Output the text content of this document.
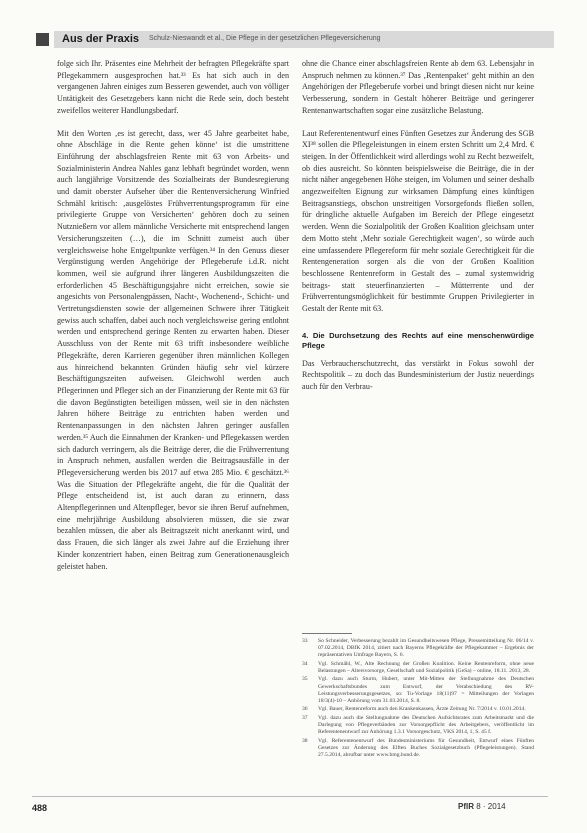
Aus der Praxis Schulz-Nieswandt et al., Die Pflege in der gesetzlichen Pflegeversicherung

folge sich Ihr. Präsentes eine Mehrheit der befragten Pflegekräfte spart Pflegekammern ausgesprochen hat.³³ Es hat sich auch in den vergangenen Jahren einiges zum Besseren gewendet, auch von völliger Untätigkeit des Gesetzgebers kann nicht die Rede sein, doch besteht zweifellos weiterer Handlungsbedarf.

Mit den Worten ‚es ist gerecht, dass, wer 45 Jahre gearbeitet habe, ohne Abschläge in die Rente gehen könne‘ ist die umstrittene Einführung der abschlagsfreien Rente mit 63 von Arbeits- und Sozialministerin Andrea Nahles ganz lebhaft begründet worden, wenn auch langjährige Vorsitzende des Sozialbeirats der Bundesregierung und damit oberster Aufseher über die Rentenversicherung Winfried Schmähl kritisch: ‚ausgelöstes Frühverrentungsprogramm für eine privilegierte Gruppe von Versicherten‘ gehören doch zu seinen Nutznießern vor allem männliche Versicherte mit entsprechend langen Versicherungszeiten (…), die im Schnitt zumeist auch über vergleichsweise hohe Entgeltpunkte verfügen.³⁴ In den Genuss dieser Vergünstigung werden Angehörige der Pflegeberufe i.d.R. nicht kommen, weil sie aufgrund ihrer längeren Ausbildungszeiten die erforderlichen 45 Beschäftigungsjahre nicht erreichen, sowie sie angesichts von Personalengpässen, Nacht-, Wochenend-, Schicht- und Vertretungsdiensten sowie der allgemeinen Schwere ihrer Tätigkeit gewiss auch schaffen, dabei auch noch vergleichsweise gering entlohnt werden und entsprechend geringe Renten zu erwarten haben. Dieser Ausschluss von der Rente mit 63 trifft insbesondere weibliche Pflegekräfte, deren Karrieren gegenüber ihren männlichen Kollegen aus hinreichend bekannten Gründen häufig sehr viel kürzere Beschäftigungszeiten aufweisen. Gleichwohl werden auch Pflegerinnen und Pfleger sich an der Finanzierung der Rente mit 63 für die davon Begünstigten beteiligen müssen, weil sie in den nächsten Jahren höhere Beiträge zu entrichten haben werden und Rentenanpassungen in den nächsten Jahren geringer ausfallen werden.³⁵ Auch die Einnahmen der Kranken- und Pflegekassen werden sich dadurch verringern, als die Beiträge derer, die die Frühverrentung in Anspruch nehmen, ausfallen werden die Beitragsausfälle in der Pflegeversicherung werden bis 2017 auf etwa 285 Mio. € geschätzt.³⁶ Was die Situation der Pflegekräfte angeht, die für die Qualität der Pflege entscheidend ist, ist auch daran zu erinnern, dass Altenpflegerinnen und Altenpfleger, bevor sie ihren Beruf aufnehmen, eine mehrjährige Ausbildung absolvieren müssen, die sie zwar bezahlen müssen, die aber als Beitragszeit nicht anerkannt wird, und dass Frauen, die sich länger als zwei Jahre auf die Erziehung ihrer Kinder konzentriert haben, einen Beitrag zum Generationenausgleich geleistet haben.

ohne die Chance einer abschlagsfreien Rente ab dem 63. Lebensjahr in Anspruch nehmen zu können.³⁷ Das ‚Rentenpaket‘ geht mithin an den Angehörigen der Pflegeberufe vorbei und bringt diesen nicht nur keine Verbesserung, sondern in Gestalt höherer Beiträge und geringerer Rentenanwartschaften sogar eine zusätzliche Belastung.

Laut Referentenentwurf eines Fünften Gesetzes zur Änderung des SGB XI³⁸ sollen die Pflegeleistungen in einem ersten Schritt um 2,4 Mrd. € steigen. In der Öffentlichkeit wird allerdings wohl zu Recht bezweifelt, ob dies ausreicht. So könnten beispielsweise die Beiträge, die in der nicht näher angegebenen Höhe steigen, im Volumen und seiner deshalb angezweifelten Eignung zur wirksamen Dämpfung eines künftigen Beitragsanstiegs, obschon unstreitigen Vorsorgefonds fließen sollen, für dringliche aktuelle Aufgaben im Bereich der Pflege eingesetzt werden. Wenn die Sozialpolitik der Großen Koalition gleichsam unter dem Motto steht ‚Mehr soziale Gerechtigkeit wagen‘, so würde auch eine umfassendere Pflegereform für mehr soziale Gerechtigkeit für die Rentengeneration sorgen als die von der Großen Koalition beschlossene Rentenreform in Gestalt des – zumal systemwidrig beitrags- statt steuerfinanzierten – Mütterrente und der Frühverrentungsmöglichkeit für bestimmte Gruppen Privilegierter in Gestalt der Rente mit 63.

4. Die Durchsetzung des Rechts auf eine menschenwürdige Pflege

Das Verbraucherschutzrecht, das verstärkt in Fokus sowohl der Rechtspolitik – zu doch das Bundesministerium der Justiz neuerdings auch für den Verbrau-

33	So Schneider, Verbesserung bezahlt im Gesundheitswesen Pflege, Pressemitteilung Nr. 06/14 v. 07.02.2014, DBfK 2014, zitiert nach Bayerns Pflegekräfte der Pflegekammer – Ergebnis der repräsentativen Umfrage Bayern, S. 6.
34	Vgl. Schmähl, W., Alte Rechnung der Großen Koalition. Keine Rentenreform, ohne neue Belastungen – Altersvorsorge, Gesellschaft und Sozialpolitik (GeSa) – online, 18.11. 2013, 28.
35	Vgl. dazu auch Sturm, Hubert, unter Mit-Mitten der Stellungnahme des Deutschen Gewerkschaftsbundes zum Entwurf, der Verabschiedung des RV-Leistungsverbesserungsgesetzes, so: Tu-Vorlage 18(11)97 = Mitteilungen der Vorlagen 18/3(4)-10 – Anhörung vom 31.03.2014, S. 8.
36	Vgl. Bauer, Rentenreform auch den Krankenkassen, Ärzte Zeitung Nr. 7/2014 v. 10.01.2014.
37	Vgl. dazu auch die Stellungnahme des Deutschen Aufsichtsrates zum Arbeitsmarkt und die Darlegung von Pflegeverbänden zur Vorsorgepflicht des Arbeitgebers, veröffentlicht im Referentenentwurf zur Anhörung 1.3.1 Vorsorgeschutz, VKS 2014, 1, S. 45 f.
38	Vgl. Referentenentwurf des Bundesministeriums für Gesundheit, Entwurf eines Fünften Gesetzes zur Änderung des Elften Buches Sozialgesetzbuch (Pflegeleistungen). Stand 27.5.2014, abrufbar unter www.bmg.bund.de.
488	PflR 8 · 2014
